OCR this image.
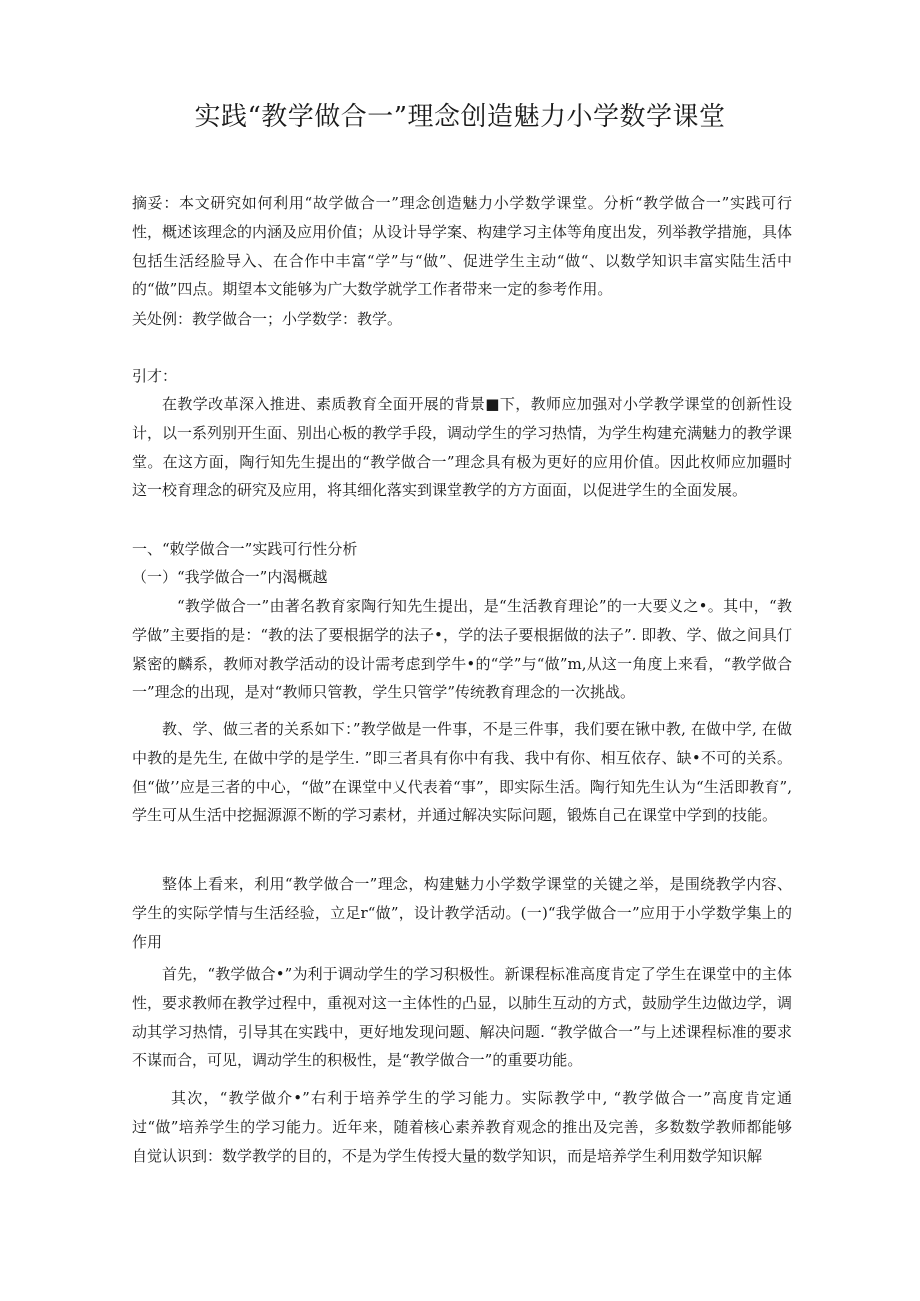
实践“教学做合一”理念创造魅力小学数学课堂

摘妥：本文研究如何利用“故学做合一”理念创造魅力小学数学课堂。分析“教学做合一”实践可行性，概述该理念的内涵及应用价值；从设计导学案、构建学习主体等角度出发，列举教学措施，具体包括生活经脸导入、在合作中丰富“学”与“做”、促进学生主动“做“、以数学知识丰富实陆生活中的“做”四点。期望本文能够为广大数学就学工作者带来一定的参考作用。

关处例：教学做合一；小学数学：教学。

引才：

在教学改革深入推进、素质教育全面开展的背景■下，教师应加强对小学教学课堂的创新性设计，以一系列别开生面、别出心板的教学手段，调动学生的学习热情，为学生构建充满魅力的教学课堂。在这方面，陶行知先生提出的“教学做合一”理念具有极为更好的应用价值。因此枚师应加疆时这一校育理念的研究及应用，将其细化落实到课堂教学的方方面面，以促进学生的全面发展。

一、“敕学做合一”实践可行性分析

（一）“我学做合一”内渴概越

“教学做合一”由著名教育家陶行知先生提出，是“生活教育理论”的一大要义之•。其中，“教学做”主要指的是：“教的法了要根据学的法子•，学的法子要根据做的法子”. 即教、学、做之间具仃紧密的麟系，教师对教学活动的设计需考虑到学牛•的“学”与“做”m,从这一角度上来看，“教学做合一”理念的出现，是对“教师只管教，学生只管学”传统教育理念的一次挑战。

教、学、做三者的关系如下：”教学做是一件事，不是三件事，我们要在锹中教, 在做中学, 在做中教的是先生, 在做中学的是学生. ”即三者具有你中有我、我中有你、相互依存、缺•不可的关系。但“做’’应是三者的中心，“做”在课堂中乂代表着“事”，即实际生活。陶行知先生认为“生活即教育”, 学生可从生活中挖掘源源不断的学习素材，并通过解决实际问题，锻炼自己在课堂中学到的技能。

整体上看来，利用“教学做合一”理念，构建魅力小学数学课堂的关键之举，是围绕教学内容、学生的实际学情与生活经验，立足r“做”，设计教学活动。(一)“我学做合一”应用于小学数学集上的作用

首先，“教学做合•”为利于调动学生的学习积极性。新课程标准高度肯定了学生在课堂中的主体性，要求教师在教学过程中，重视对这一主体性的凸显，以肺生互动的方式，鼓励学生边做边学，调动其学习热情，引导其在实践中，更好地发现问题、解决问题. “教学做合一”与上述课程标准的要求不谋而合，可见，调动学生的积极性，是“教学做合一”的重要功能。

其次，“教学做介•”右利于培养学生的学习能力。实际教学中, “教学做合一”高度肯定通过“做”培养学生的学习能力。近年来，随着核心素养教育观念的推出及完善，多数数学教师都能够自觉认识到：数学教学的目的，不是为学生传授大量的数学知识，而是培养学生利用数学知识解
